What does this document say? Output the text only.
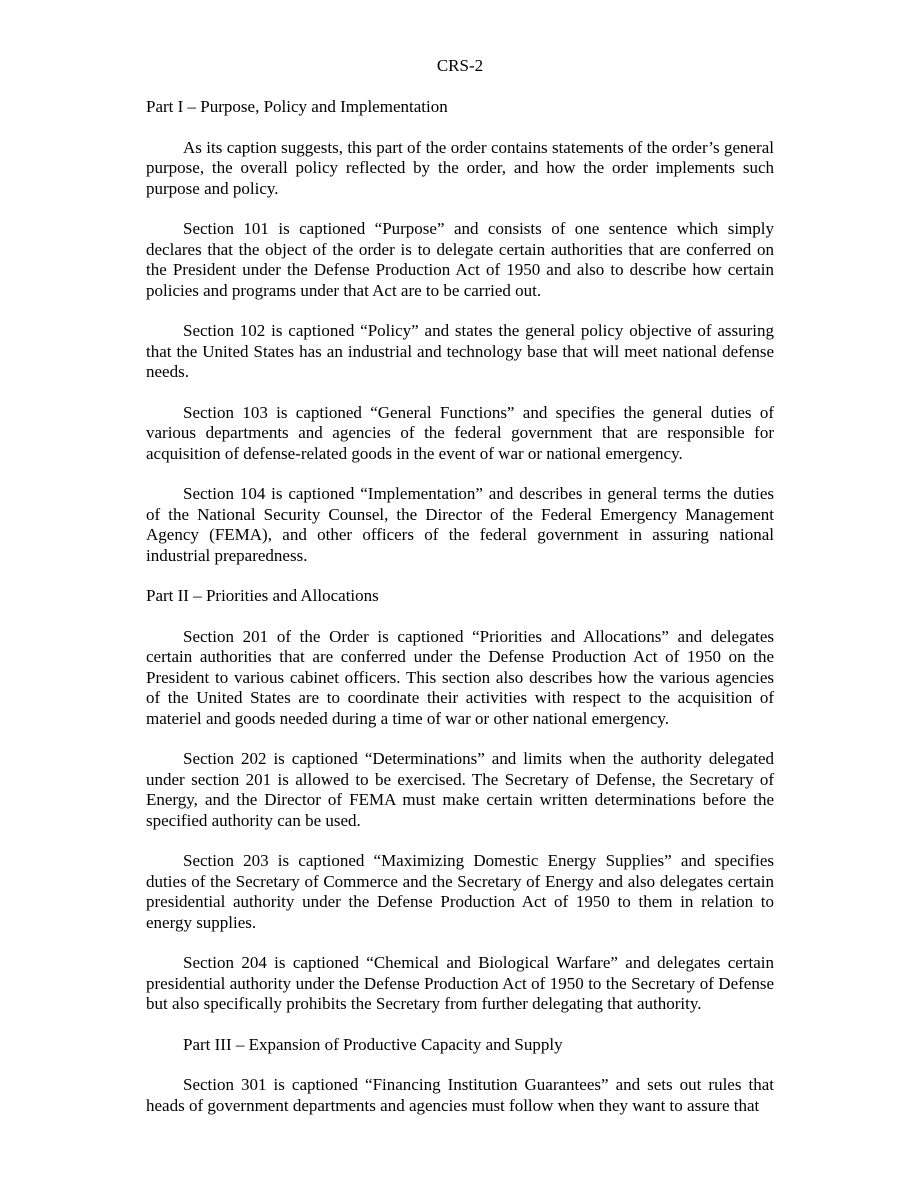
CRS-2
Part I – Purpose, Policy and Implementation

As its caption suggests, this part of the order contains statements of the order’s general purpose, the overall policy reflected by the order, and how the order implements such purpose and policy.

Section 101 is captioned “Purpose” and consists of one sentence which simply declares that the object of the order is to delegate certain authorities that are conferred on the President under the Defense Production Act of 1950 and also to describe how certain policies and programs under that Act are to be carried out.

Section 102 is captioned “Policy” and states the general policy objective of assuring that the United States has an industrial and technology base that will meet national defense needs.

Section 103 is captioned “General Functions” and specifies the general duties of various departments and agencies of the federal government that are responsible for acquisition of defense-related goods in the event of war or national emergency.

Section 104 is captioned “Implementation” and describes in general terms the duties of the National Security Counsel, the Director of the Federal Emergency Management Agency (FEMA), and other officers of the federal government in assuring national industrial preparedness.

Part II – Priorities and Allocations

Section 201 of the Order is captioned “Priorities and Allocations” and delegates certain authorities that are conferred under the Defense Production Act of 1950 on the President to various cabinet officers. This section also describes how the various agencies of the United States are to coordinate their activities with respect to the acquisition of materiel and goods needed during a time of war or other national emergency.

Section 202 is captioned “Determinations” and limits when the authority delegated under section 201 is allowed to be exercised. The Secretary of Defense, the Secretary of Energy, and the Director of FEMA must make certain written determinations before the specified authority can be used.

Section 203 is captioned “Maximizing Domestic Energy Supplies” and specifies duties of the Secretary of Commerce and the Secretary of Energy and also delegates certain presidential authority under the Defense Production Act of 1950 to them in relation to energy supplies.

Section 204 is captioned “Chemical and Biological Warfare” and delegates certain presidential authority under the Defense Production Act of 1950 to the Secretary of Defense but also specifically prohibits the Secretary from further delegating that authority.

Part III – Expansion of Productive Capacity and Supply

Section 301 is captioned “Financing Institution Guarantees” and sets out rules that heads of government departments and agencies must follow when they want to assure that
